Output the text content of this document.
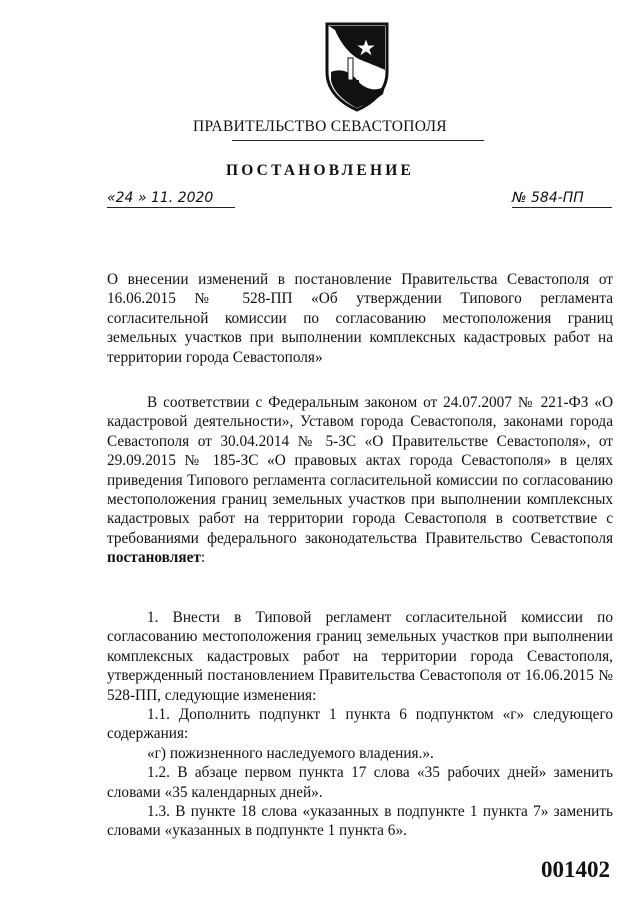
ПРАВИТЕЛЬСТВО СЕВАСТОПОЛЯ
ПОСТАНОВЛЕНИЕ
«24 » 11. 2020	№ 584-ПП

О внесении изменений в постановление Правительства Севастополя от 16.06.2015 № 528-ПП «Об утверждении Типового регламента согласительной комиссии по согласованию местоположения границ земельных участков при выполнении комплексных кадастровых работ на территории города Севастополя»

В соответствии с Федеральным законом от 24.07.2007 № 221-ФЗ «О кадастровой деятельности», Уставом города Севастополя, законами города Севастополя от 30.04.2014 № 5-ЗС «О Правительстве Севастополя», от 29.09.2015 № 185-ЗС «О правовых актах города Севастополя» в целях приведения Типового регламента согласительной комиссии по согласованию местоположения границ земельных участков при выполнении комплексных кадастровых работ на территории города Севастополя в соответствие с требованиями федерального законодательства Правительство Севастополя постановляет:

1. Внести в Типовой регламент согласительной комиссии по согласованию местоположения границ земельных участков при выполнении комплексных кадастровых работ на территории города Севастополя, утвержденный постановлением Правительства Севастополя от 16.06.2015 № 528-ПП, следующие изменения:

1.1. Дополнить подпункт 1 пункта 6 подпунктом «г» следующего содержания:

«г) пожизненного наследуемого владения.».

1.2. В абзаце первом пункта 17 слова «35 рабочих дней» заменить словами «35 календарных дней».

1.3. В пункте 18 слова «указанных в подпункте 1 пункта 7» заменить словами «указанных в подпункте 1 пункта 6».

001402
